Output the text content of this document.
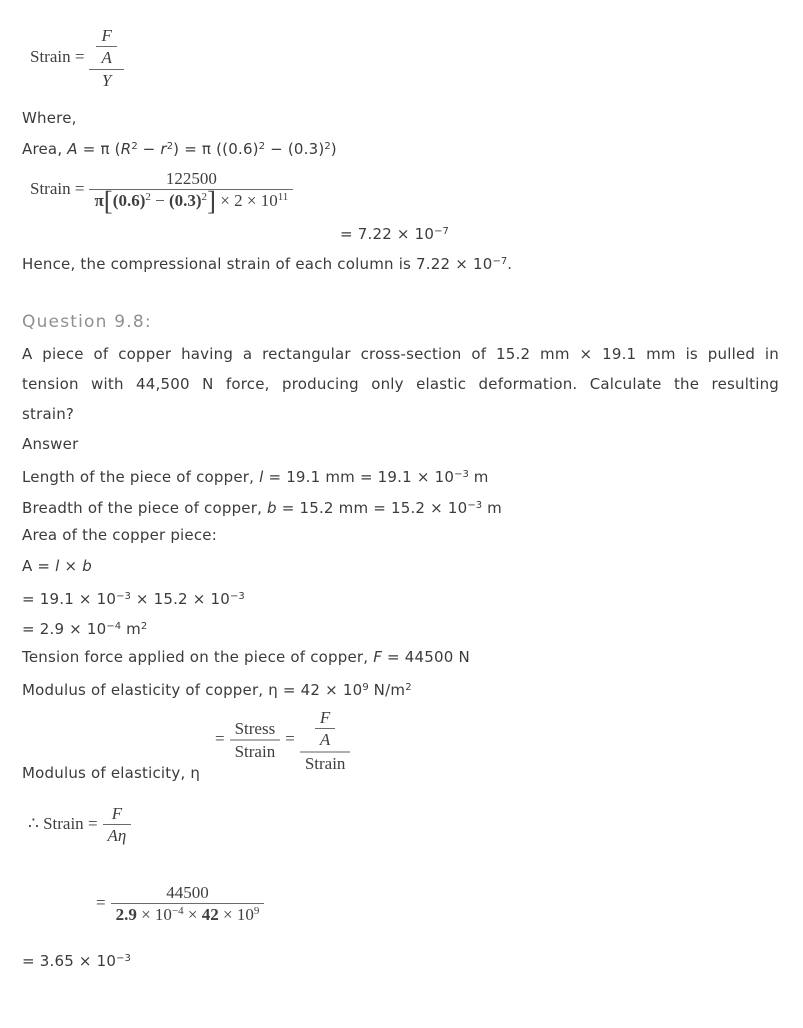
Strain = $\frac{\frac{F}{A}}{Y}$
Where,
Area, A = π $(R^2 - r^2) = \pi$ $((0.6)^2 - (0.3)^2)$
Strain = $\frac{122500}{\pi[(0.6)^2 - (0.3)^2] \times 2 \times 10^{11}}$
= $7.22 \times 10^{-7}$
Hence, the compressional strain of each column is $7.22 \times 10^{-7}$.
Question 9.8:
A piece of copper having a rectangular cross-section of 15.2 mm × 19.1 mm is pulled in
tension with 44,500 N force, producing only elastic deformation. Calculate the resulting
strain?
Answer
Length of the piece of copper, l = 19.1 mm = $19.1 \times 10^{-3}$ m
Breadth of the piece of copper, b = 15.2 mm = $15.2 \times 10^{-3}$ m
Area of the copper piece:
A = l × b
= $19.1 \times 10^{-3} \times 15.2 \times 10^{-3}$
= $2.9 \times 10^{-4}$ $m^2$
Tension force applied on the piece of copper, F = 44500 N
Modulus of elasticity of copper, $\eta = 42 \times 10^9$ $N/m^2$
Modulus of elasticity, η
=
Stress
Strain
= $\frac{F}{A}$
Strain
∴ Strain = $\frac{F}{A\eta}$
= $\frac{44500}{2.9 \times 10^{-4} \times 42 \times 10^9}$
= $3.65 \times 10^{-3}$
